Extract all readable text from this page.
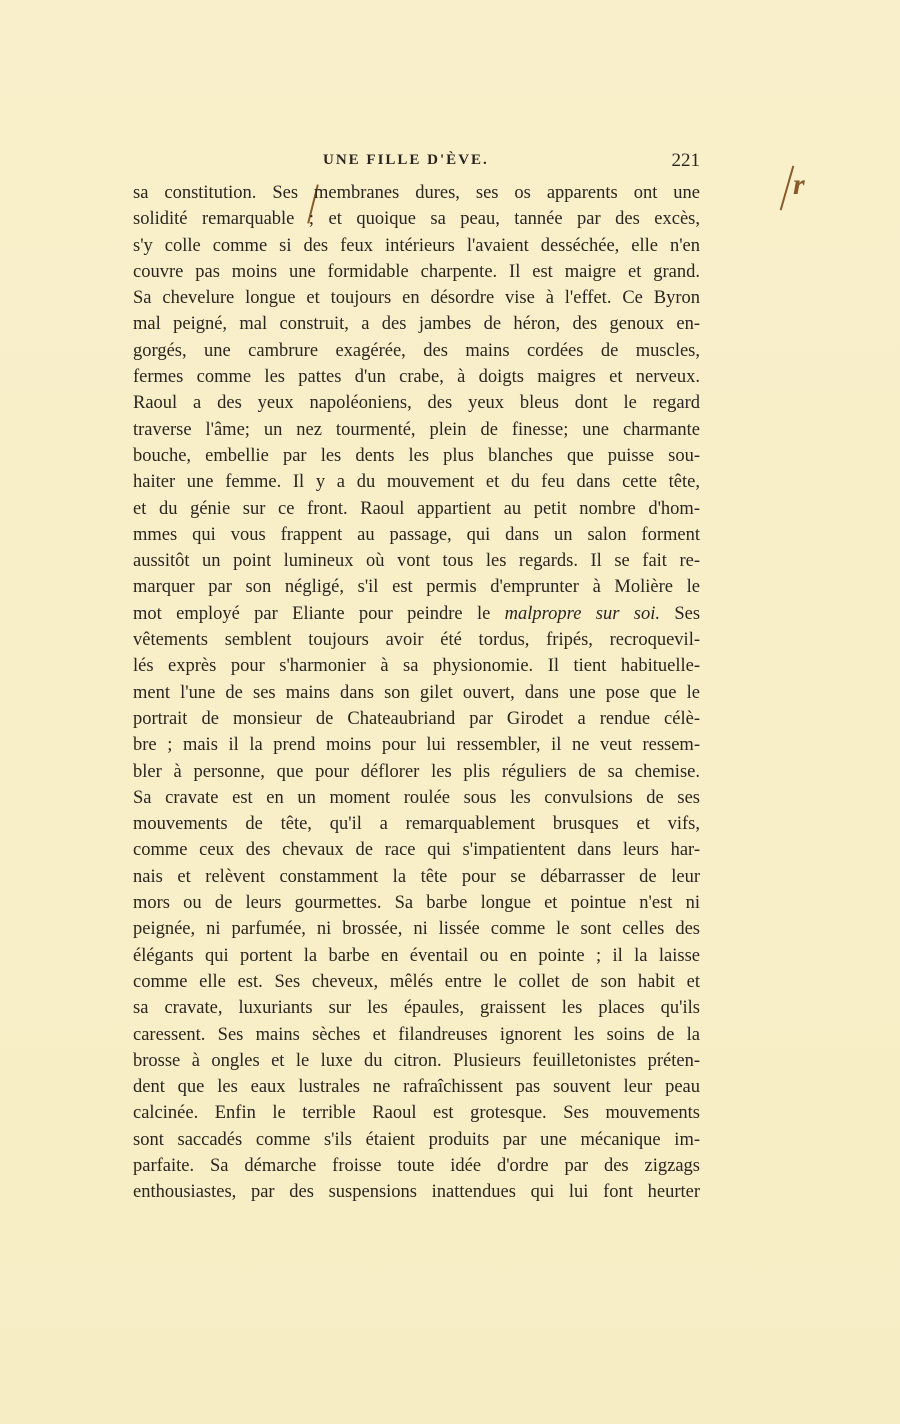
UNE FILLE D'ÈVE.	221
r
sa constitution. Ses membranes dures, ses os apparents ont une
solidité remarquable ; et quoique sa peau, tannée par des excès,
s'y colle comme si des feux intérieurs l'avaient desséchée, elle n'en
couvre pas moins une formidable charpente. Il est maigre et grand.
Sa chevelure longue et toujours en désordre vise à l'effet. Ce Byron
mal peigné, mal construit, a des jambes de héron, des genoux en-
gorgés, une cambrure exagérée, des mains cordées de muscles,
fermes comme les pattes d'un crabe, à doigts maigres et nerveux.
Raoul a des yeux napoléoniens, des yeux bleus dont le regard
traverse l'âme; un nez tourmenté, plein de finesse; une charmante
bouche, embellie par les dents les plus blanches que puisse sou-
haiter une femme. Il y a du mouvement et du feu dans cette tête,
et du génie sur ce front. Raoul appartient au petit nombre d'hom-
mmes qui vous frappent au passage, qui dans un salon forment
aussitôt un point lumineux où vont tous les regards. Il se fait re-
marquer par son négligé, s'il est permis d'emprunter à Molière le
mot employé par Eliante pour peindre le malpropre sur soi. Ses
vêtements semblent toujours avoir été tordus, fripés, recroquevil-
lés exprès pour s'harmonier à sa physionomie. Il tient habituelle-
ment l'une de ses mains dans son gilet ouvert, dans une pose que le
portrait de monsieur de Chateaubriand par Girodet a rendue célè-
bre ; mais il la prend moins pour lui ressembler, il ne veut ressem-
bler à personne, que pour déflorer les plis réguliers de sa chemise.
Sa cravate est en un moment roulée sous les convulsions de ses
mouvements de tête, qu'il a remarquablement brusques et vifs,
comme ceux des chevaux de race qui s'impatientent dans leurs har-
nais et relèvent constamment la tête pour se débarrasser de leur
mors ou de leurs gourmettes. Sa barbe longue et pointue n'est ni
peignée, ni parfumée, ni brossée, ni lissée comme le sont celles des
élégants qui portent la barbe en éventail ou en pointe ; il la laisse
comme elle est. Ses cheveux, mêlés entre le collet de son habit et
sa cravate, luxuriants sur les épaules, graissent les places qu'ils
caressent. Ses mains sèches et filandreuses ignorent les soins de la
brosse à ongles et le luxe du citron. Plusieurs feuilletonistes préten-
dent que les eaux lustrales ne rafraîchissent pas souvent leur peau
calcinée. Enfin le terrible Raoul est grotesque. Ses mouvements
sont saccadés comme s'ils étaient produits par une mécanique im-
parfaite. Sa démarche froisse toute idée d'ordre par des zigzags
enthousiastes, par des suspensions inattendues qui lui font heurter
